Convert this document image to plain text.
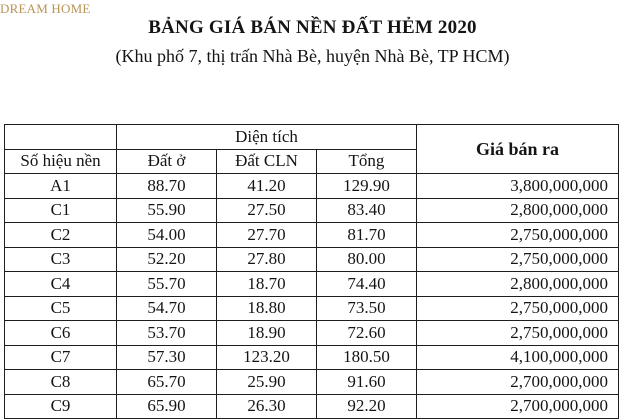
DREAM HOME
BẢNG GIÁ BÁN NỀN ĐẤT HẺM 2020
(Khu phố 7, thị trấn Nhà Bè, huyện Nhà Bè, TP HCM)
	Diện tích			Giá bán ra
Số hiệu nền	Đất ở	Đất CLN	Tổng	
A1	88.70	41.20	129.90	3,800,000,000
C1	55.90	27.50	83.40	2,800,000,000
C2	54.00	27.70	81.70	2,750,000,000
C3	52.20	27.80	80.00	2,750,000,000
C4	55.70	18.70	74.40	2,800,000,000
C5	54.70	18.80	73.50	2,750,000,000
C6	53.70	18.90	72.60	2,750,000,000
C7	57.30	123.20	180.50	4,100,000,000
C8	65.70	25.90	91.60	2,700,000,000
C9	65.90	26.30	92.20	2,700,000,000
